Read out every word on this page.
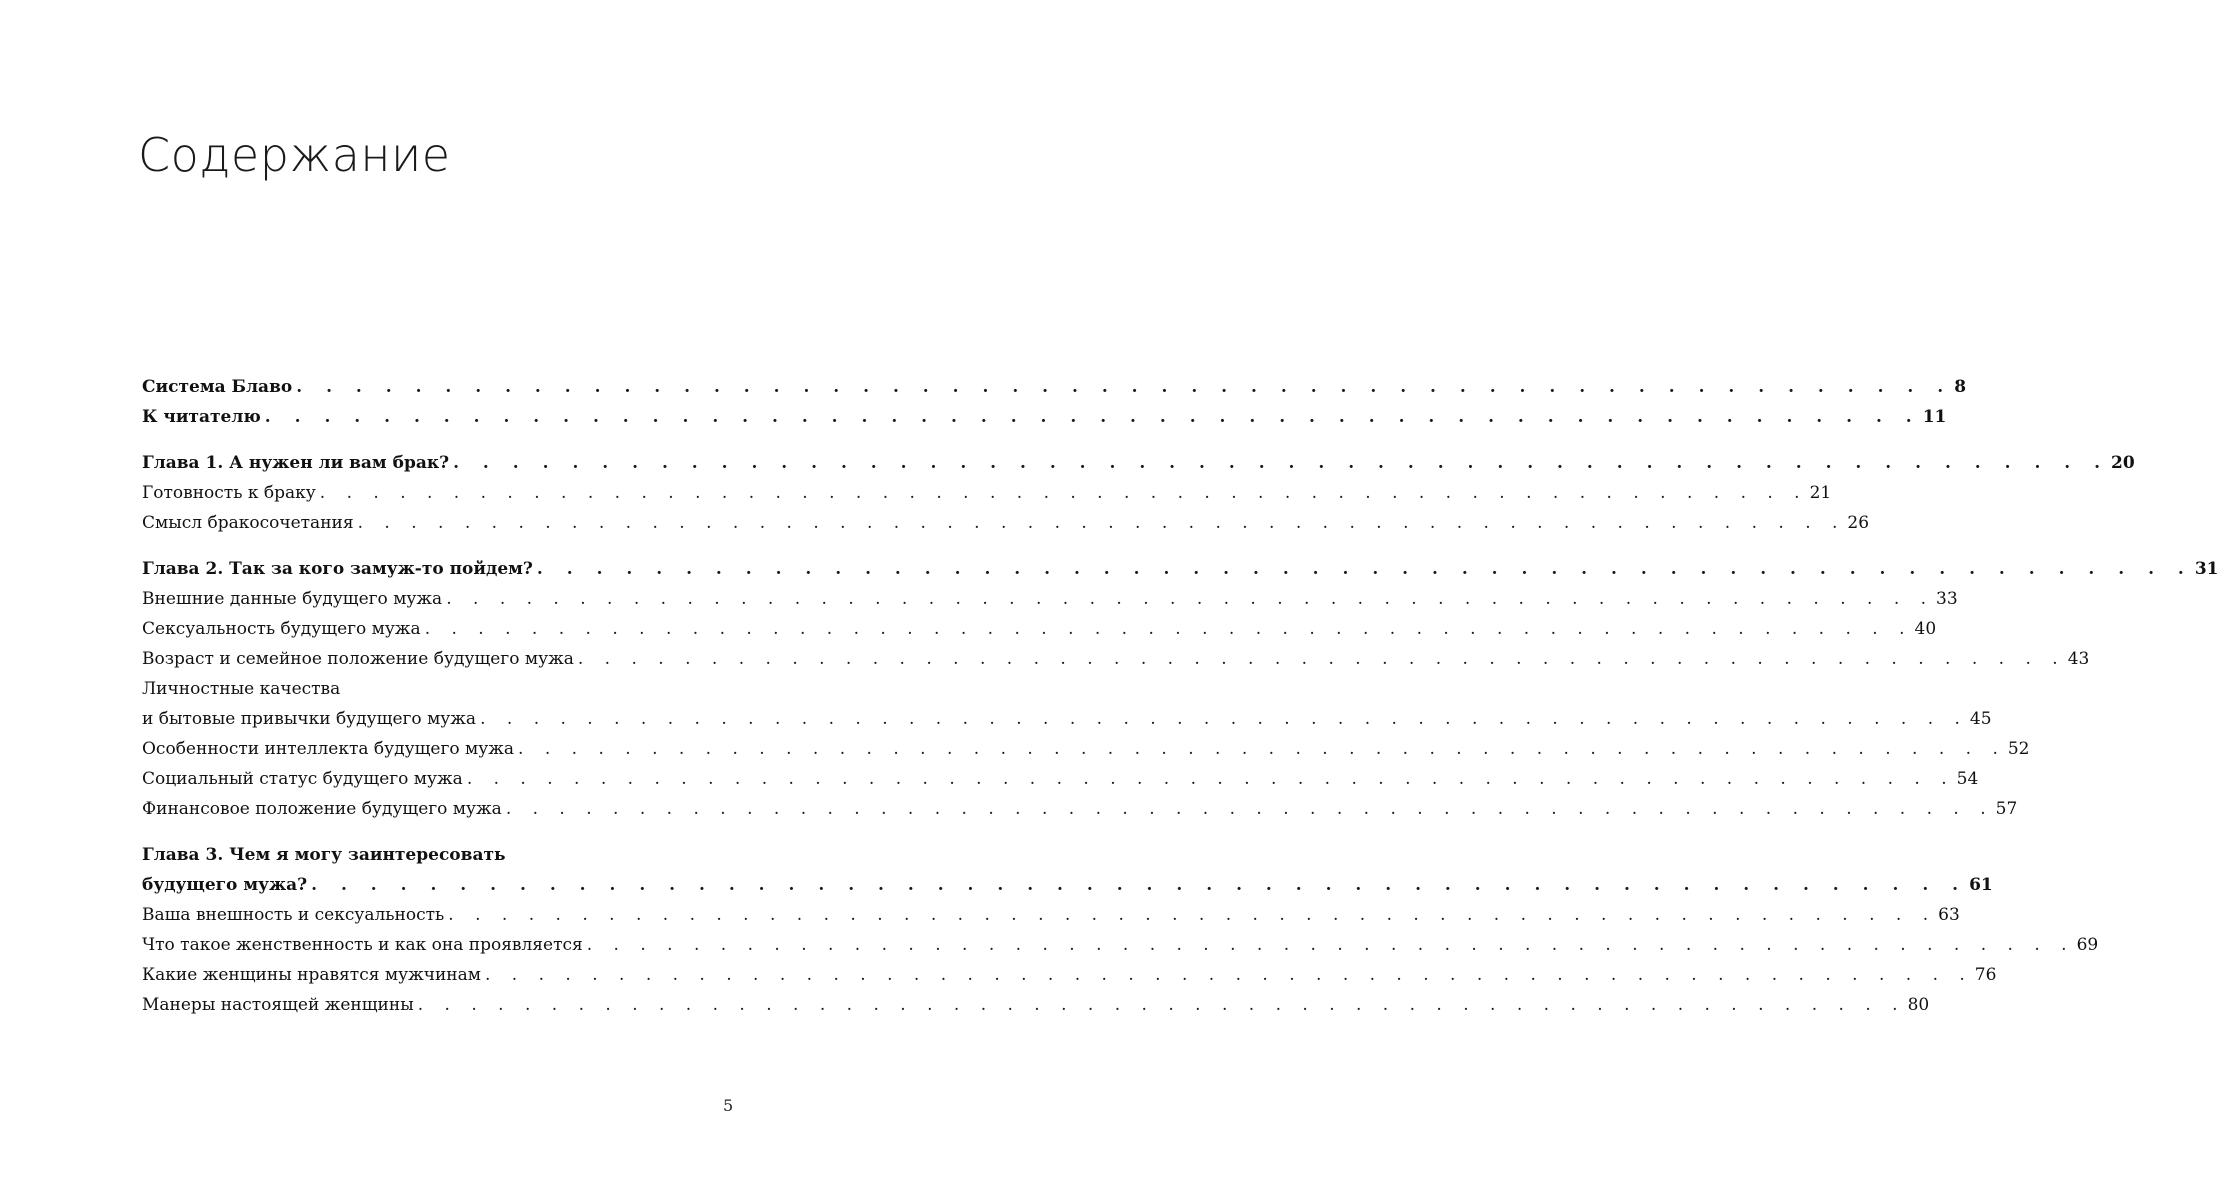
Содержание
Система Блаво . . . . . . . . . . . . . . . . . . . . . . . . . . . . . . . . . . . . . . . . . . . . . . . . . . . . . . . . 8
К читателю . . . . . . . . . . . . . . . . . . . . . . . . . . . . . . . . . . . . . . . . . . . . . . . . . . . . . . . . 11
Глава 1. А нужен ли вам брак? . . . . . . . . . . . . . . . . . . . . . . . . . . . . . . . . . . . . . . . . . . . . . . . . . . . . . . . . 20
Готовность к браку . . . . . . . . . . . . . . . . . . . . . . . . . . . . . . . . . . . . . . . . . . . . . . . . . . . . . . . . 21
Смысл бракосочетания . . . . . . . . . . . . . . . . . . . . . . . . . . . . . . . . . . . . . . . . . . . . . . . . . . . . . . . . 26
Глава 2. Так за кого замуж-то пойдем? . . . . . . . . . . . . . . . . . . . . . . . . . . . . . . . . . . . . . . . . . . . . . . . . . . . . . . . . 31
Внешние данные будущего мужа . . . . . . . . . . . . . . . . . . . . . . . . . . . . . . . . . . . . . . . . . . . . . . . . . . . . . . . . 33
Сексуальность будущего мужа . . . . . . . . . . . . . . . . . . . . . . . . . . . . . . . . . . . . . . . . . . . . . . . . . . . . . . . . 40
Возраст и семейное положение будущего мужа . . . . . . . . . . . . . . . . . . . . . . . . . . . . . . . . . . . . . . . . . . . . . . . . . . . . . . . . 43
Личностные качества
и бытовые привычки будущего мужа . . . . . . . . . . . . . . . . . . . . . . . . . . . . . . . . . . . . . . . . . . . . . . . . . . . . . . . . 45
Особенности интеллекта будущего мужа . . . . . . . . . . . . . . . . . . . . . . . . . . . . . . . . . . . . . . . . . . . . . . . . . . . . . . . . 52
Социальный статус будущего мужа . . . . . . . . . . . . . . . . . . . . . . . . . . . . . . . . . . . . . . . . . . . . . . . . . . . . . . . . 54
Финансовое положение будущего мужа . . . . . . . . . . . . . . . . . . . . . . . . . . . . . . . . . . . . . . . . . . . . . . . . . . . . . . . . 57
Глава 3. Чем я могу заинтересовать
будущего мужа? . . . . . . . . . . . . . . . . . . . . . . . . . . . . . . . . . . . . . . . . . . . . . . . . . . . . . . . . 61
Ваша внешность и сексуальность . . . . . . . . . . . . . . . . . . . . . . . . . . . . . . . . . . . . . . . . . . . . . . . . . . . . . . . . 63
Что такое женственность и как она проявляется . . . . . . . . . . . . . . . . . . . . . . . . . . . . . . . . . . . . . . . . . . . . . . . . . . . . . . . . 69
Какие женщины нравятся мужчинам . . . . . . . . . . . . . . . . . . . . . . . . . . . . . . . . . . . . . . . . . . . . . . . . . . . . . . . . 76
Манеры настоящей женщины . . . . . . . . . . . . . . . . . . . . . . . . . . . . . . . . . . . . . . . . . . . . . . . . . . . . . . . . 80
5
